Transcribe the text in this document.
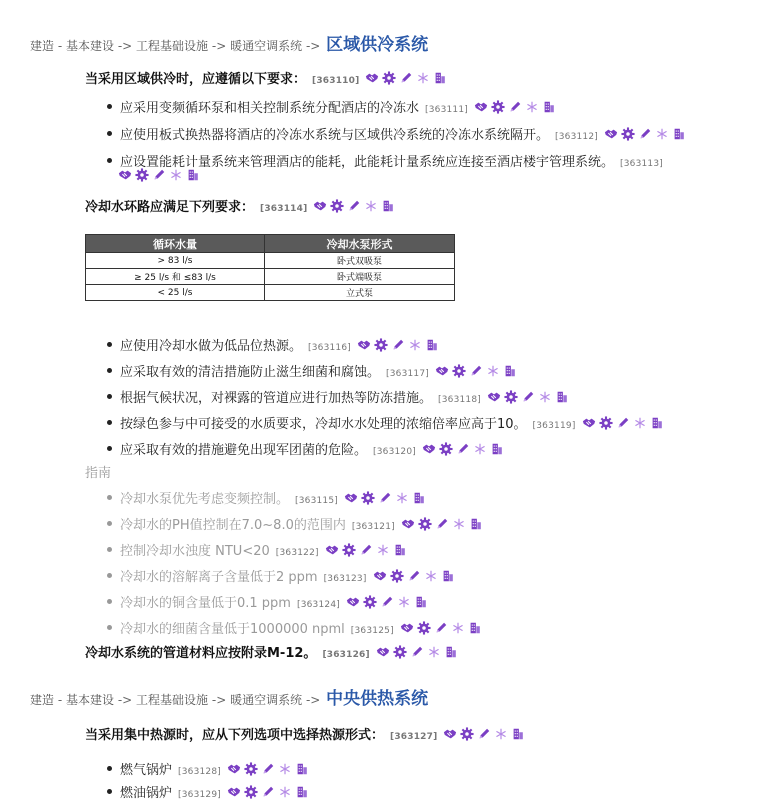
建造 - 基本建设 -> 工程基础设施 -> 暖通空调系统 -> 区域供冷系统
当采用区域供冷时，应遵循以下要求： [363110]
应采用变频循环泵和相关控制系统分配酒店的冷冻水 [363111]
应使用板式换热器将酒店的冷冻水系统与区域供冷系统的冷冻水系统隔开。 [363112]
应设置能耗计量系统来管理酒店的能耗，此能耗计量系统应连接至酒店楼宇管理系统。 [363113]
冷却水环路应满足下列要求： [363114]
循环水量	冷却水泵形式
> 83 l/s	卧式双吸泵
≥ 25 l/s 和 ≤83 l/s	卧式端吸泵
< 25 l/s	立式泵
应使用冷却水做为低品位热源。 [363116]
应采取有效的清洁措施防止滋生细菌和腐蚀。 [363117]
根据气候状况，对裸露的管道应进行加热等防冻措施。 [363118]
按绿色参与中可接受的水质要求，冷却水水处理的浓缩倍率应高于10。 [363119]
应采取有效的措施避免出现军团菌的危险。 [363120]
指南
冷却水泵优先考虑变频控制。 [363115]
冷却水的PH值控制在7.0~8.0的范围内 [363121]
控制冷却水浊度 NTU<20 [363122]
冷却水的溶解离子含量低于2 ppm [363123]
冷却水的铜含量低于0.1 ppm [363124]
冷却水的细菌含量低于1000000 npml [363125]
冷却水系统的管道材料应按附录M-12。 [363126]
建造 - 基本建设 -> 工程基础设施 -> 暖通空调系统 -> 中央供热系统
当采用集中热源时，应从下列选项中选择热源形式： [363127]
燃气锅炉 [363128]
燃油锅炉 [363129]
